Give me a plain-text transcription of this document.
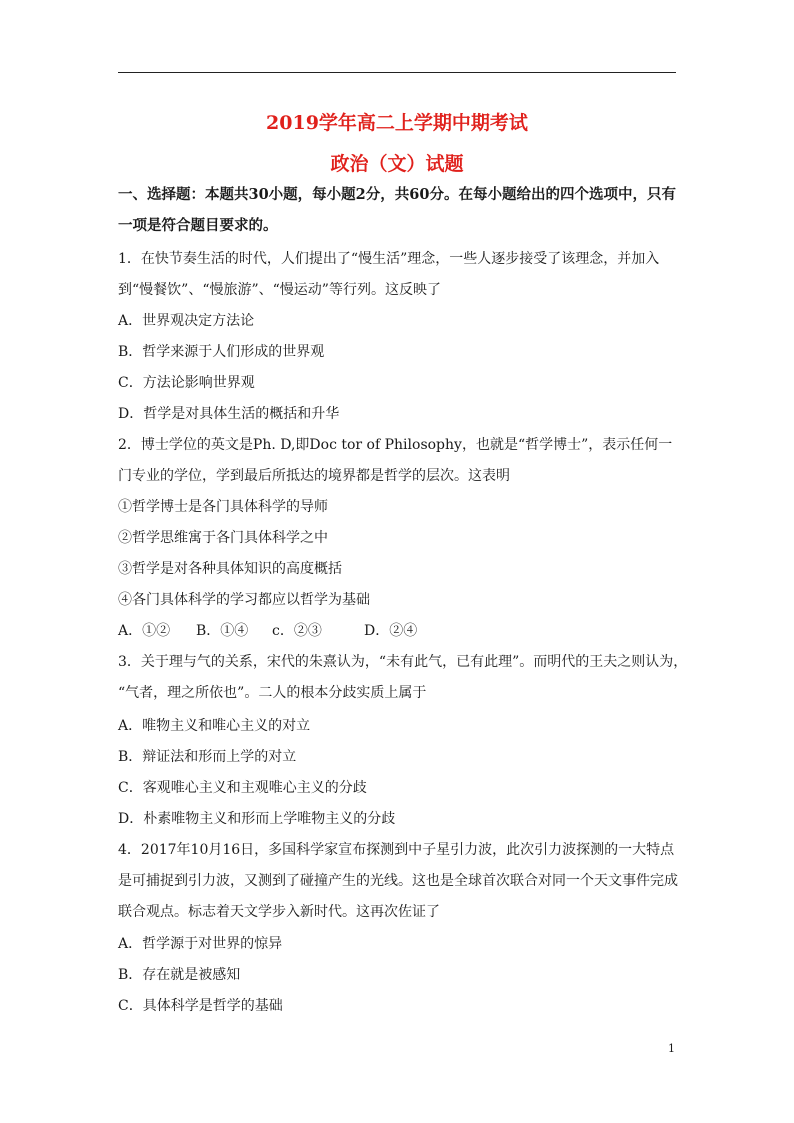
2019学年高二上学期中期考试
政治（文）试题
一、选择题：本题共30小题，每小题2分，共60分。在每小题给出的四个选项中，只有
一项是符合题目要求的。
1．在快节奏生活的时代，人们提出了“慢生活”理念，一些人逐步接受了该理念，并加入
到“慢餐饮”、“慢旅游”、“慢运动”等行列。这反映了
A．世界观决定方法论
B．哲学来源于人们形成的世界观
C．方法论影响世界观
D．哲学是对具体生活的概括和升华
2．博士学位的英文是Ph. D,即Doc tor of Philosophy，也就是“哲学博士”，表示任何一
门专业的学位，学到最后所抵达的境界都是哲学的层次。这表明
①哲学博士是各门具体科学的导师
②哲学思维寓于各门具体科学之中
③哲学是对各种具体知识的高度概括
④各门具体科学的学习都应以哲学为基础
A．①② B．①④ c．②③	D．②④
3．关于理与气的关系，宋代的朱熹认为，“未有此气，已有此理”。而明代的王夫之则认为，
“气者，理之所依也”。二人的根本分歧实质上属于
A．唯物主义和唯心主义的对立
B．辩证法和形而上学的对立
C．客观唯心主义和主观唯心主义的分歧
D．朴素唯物主义和形而上学唯物主义的分歧
4．2017年10月16日，多国科学家宣布探测到中子星引力波，此次引力波探测的一大特点
是可捕捉到引力波，又测到了碰撞产生的光线。这也是全球首次联合对同一个天文事件完成
联合观点。标志着天文学步入新时代。这再次佐证了
A．哲学源于对世界的惊异
B．存在就是被感知
C．具体科学是哲学的基础
1
